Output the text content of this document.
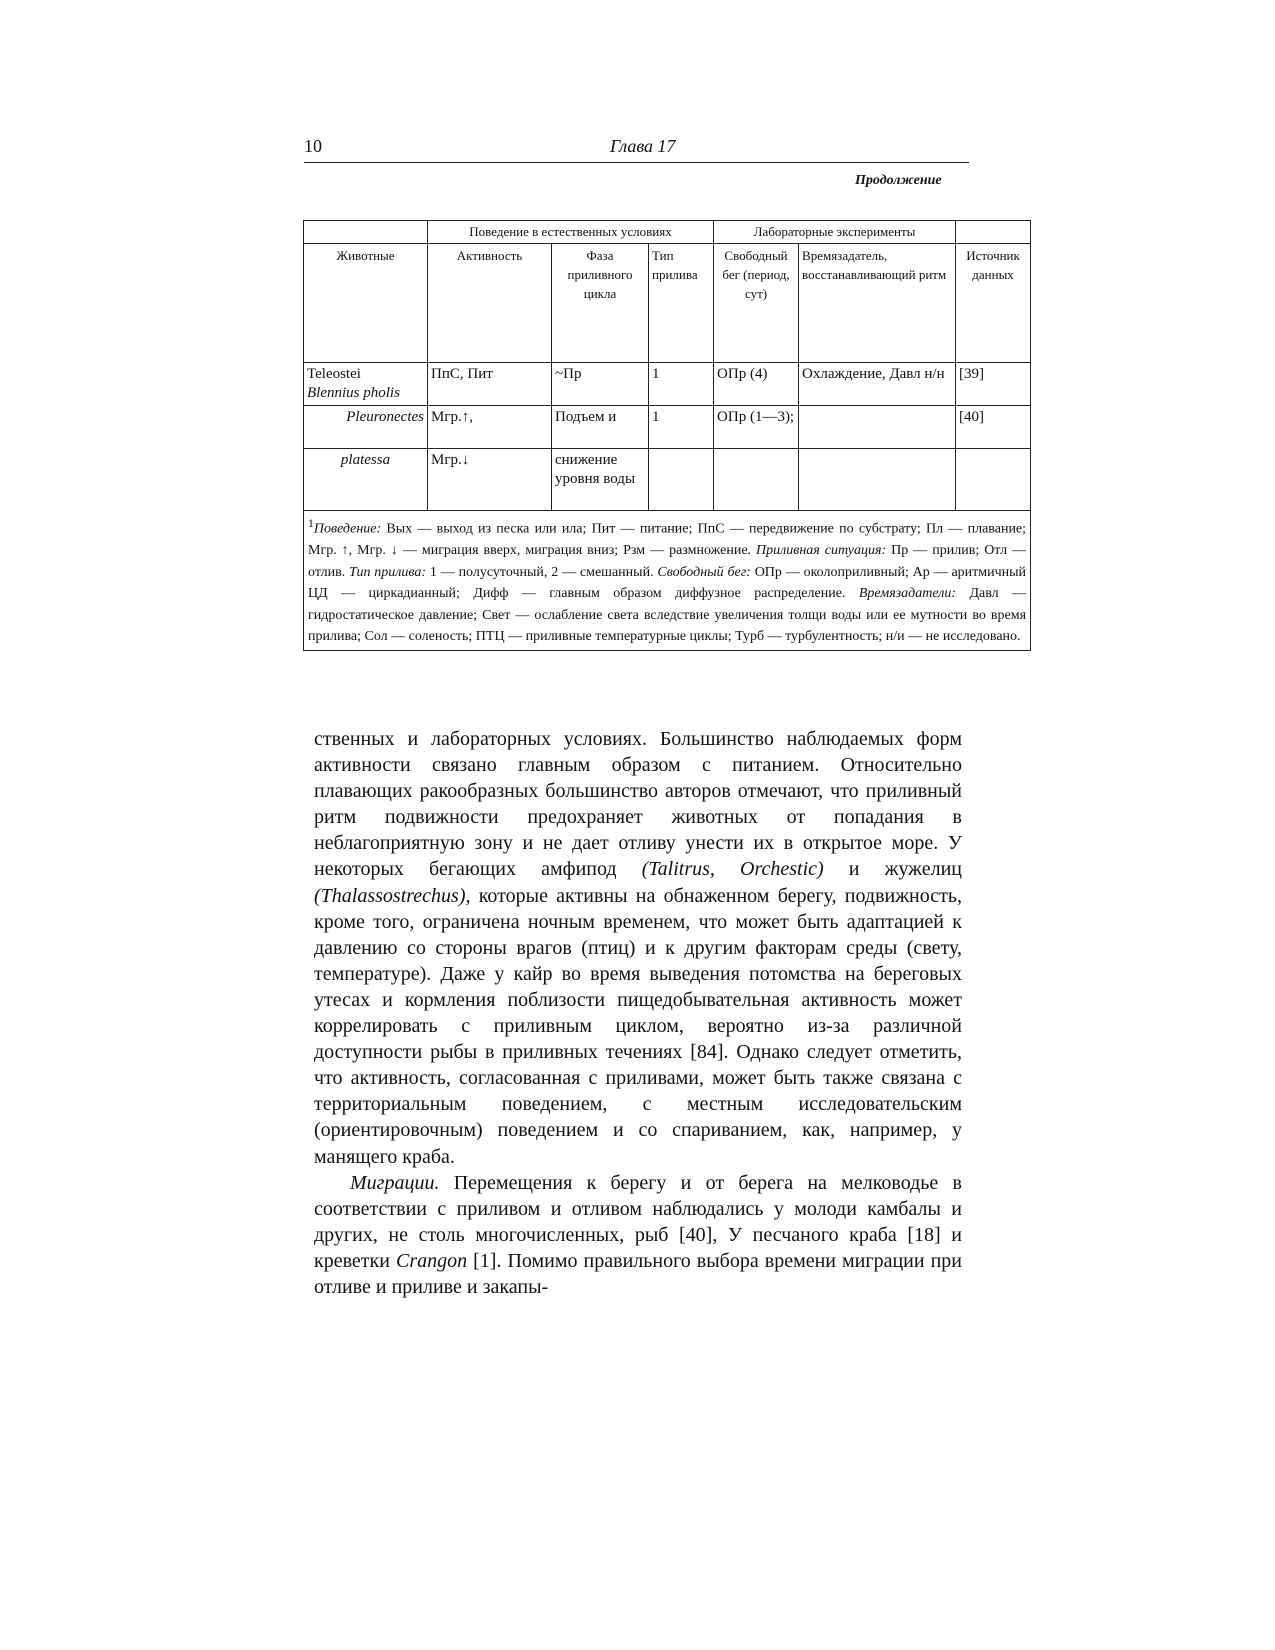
10	Глава 17
Продолжение
	Поведение в естественных условиях			Лабораторные эксперименты		
Животные	Активность	Фаза приливного цикла	Тип прилива	Свободный бег (период, сут)	Времязадатель, восстанавливающий ритм	Источник данных

Teleostei
Blennius pholis	ПпС, Пит	~Пр	1	ОПр (4)	Охлаждение, Давл н/н	[39]
Pleuronectes	Мгр.↑,	Подъем и	1	ОПр (1—3);		[40]
platessa	Мгр.↓	снижение уровня воды				
$^1$Поведение: Вых — выход из песка или ила; Пит — питание; ПпС — передвижение по субстрату; Пл — плавание; Мгр. ↑, Мгр. ↓ — миграция вверх, миграция вниз; Рзм — размножение. Приливная ситуация: Пр — прилив; Отл — отлив. Тип прилива: 1 — полусуточный, 2 — смешанный. Свободный бег: ОПр — околоприливный; Ар — аритмичный ЦД — циркадианный; Дифф — главным образом диффузное распределение. Времязадатели: Давл — гидростатическое давление; Свет — ослабление света вследствие увеличения толщи воды или ее мутности во время прилива; Сол — соленость; ПТЦ — приливные температурные циклы; Турб — турбулентность; н/и — не исследовано.						

ственных и лабораторных условиях. Большинство наблюдаемых форм активности связано главным образом с питанием. Относительно плавающих ракообразных большинство авторов отмечают, что приливный ритм подвижности предохраняет животных от попадания в неблагоприятную зону и не дает отливу унести их в открытое море. У некоторых бегающих амфипод (Talitrus, Orchestic) и жужелиц (Thalassostrechus), которые активны на обнаженном берегу, подвижность, кроме того, ограничена ночным временем, что может быть адаптацией к давлению со стороны врагов (птиц) и к другим факторам среды (свету, температуре). Даже у кайр во время выведения потомства на береговых утесах и кормления поблизости пищедобывательная активность может коррелировать с приливным циклом, вероятно из-за различной доступности рыбы в приливных течениях [84]. Однако следует отметить, что активность, согласованная с приливами, может быть также связана с территориальным поведением, с местным исследовательским (ориентировочным) поведением и со спариванием, как, например, у манящего краба.

Миграции. Перемещения к берегу и от берега на мелководье в соответствии с приливом и отливом наблюдались у молоди камбалы и других, не столь многочисленных, рыб [40], У песчаного краба [18] и креветки Crangon [1]. Помимо правильного выбора времени миграции при отливе и приливе и закапы-
